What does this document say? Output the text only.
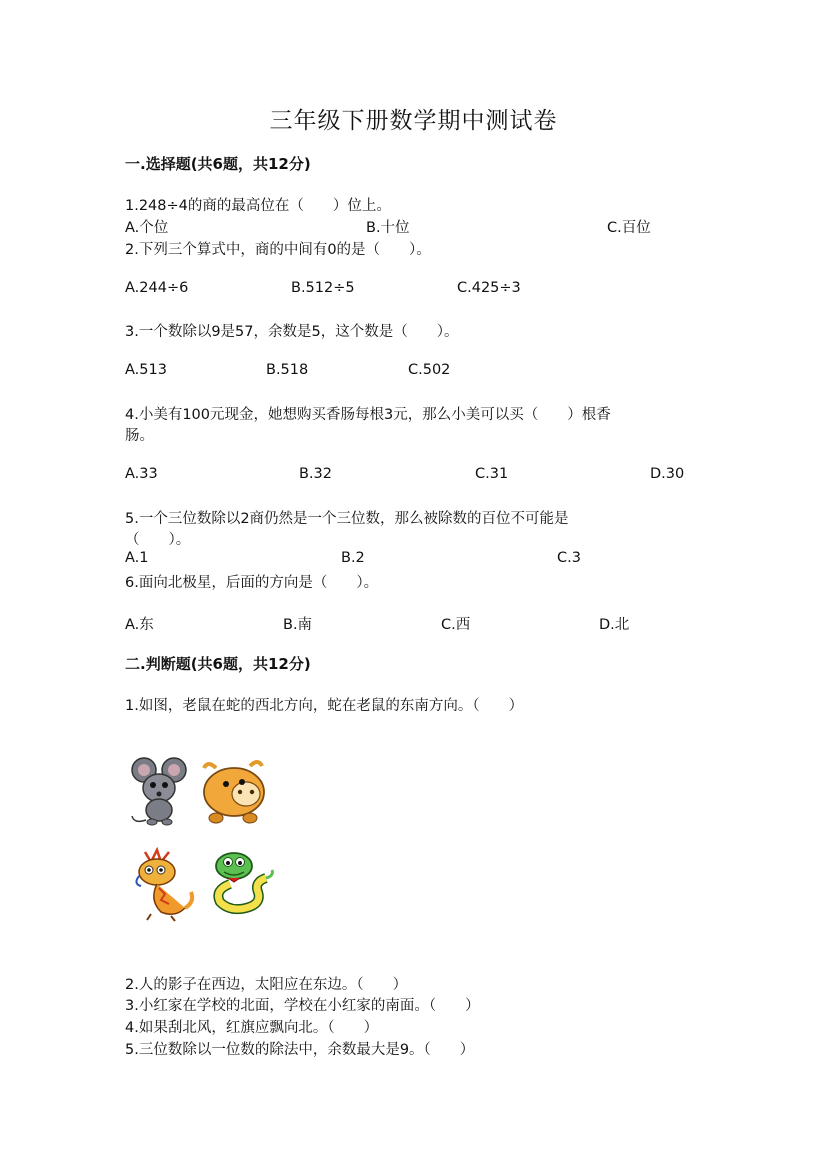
三年级下册数学期中测试卷
一.选择题(共6题，共12分)
1.248÷4的商的最高位在（　　）位上。
A.个位	B.十位	C.百位
2.下列三个算式中，商的中间有0的是（　　）。
A.244÷6	B.512÷5	C.425÷3
3.一个数除以9是57，余数是5，这个数是（　　）。
A.513	B.518	C.502
4.小美有100元现金，她想购买香肠每根3元，那么小美可以买（　　）根香
肠。
A.33	B.32	C.31	D.30
5.一个三位数除以2商仍然是一个三位数，那么被除数的百位不可能是
（　　）。
A.1	B.2	C.3
6.面向北极星，后面的方向是（　　）。
A.东	B.南	C.西	D.北
二.判断题(共6题，共12分)
1.如图，老鼠在蛇的西北方向，蛇在老鼠的东南方向。（　　）
2.人的影子在西边，太阳应在东边。（　　）
3.小红家在学校的北面，学校在小红家的南面。（　　）
4.如果刮北风，红旗应飘向北。（　　）
5.三位数除以一位数的除法中，余数最大是9。（　　）
